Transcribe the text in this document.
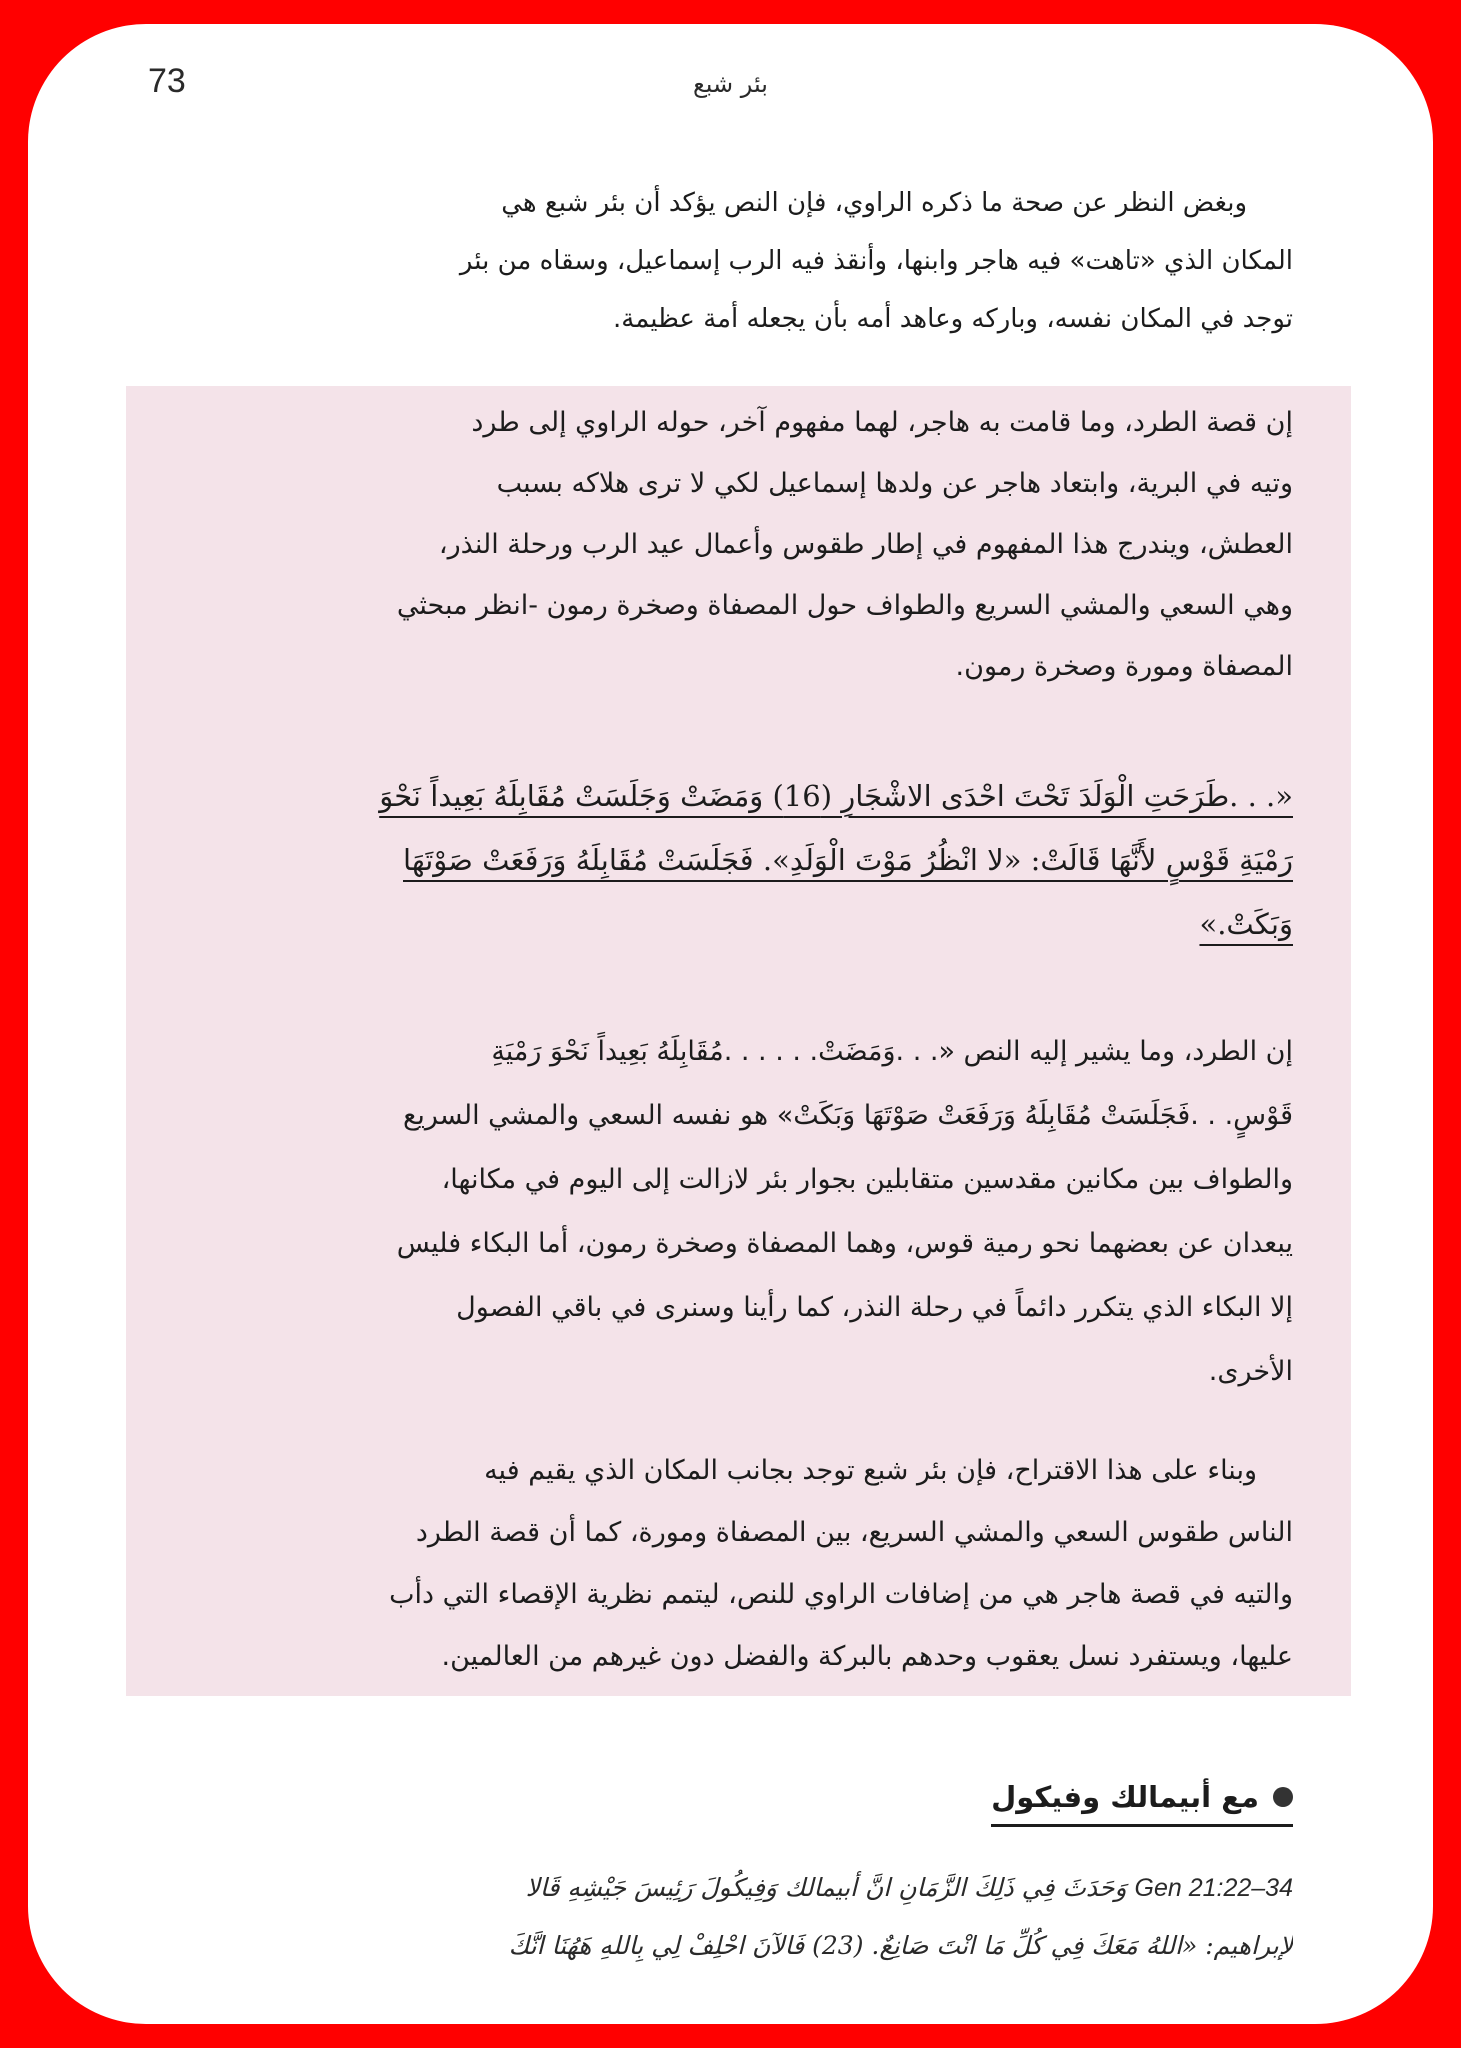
73	بئر شبع
وبغض النظر عن صحة ما ذكره الراوي، فإن النص يؤكد أن بئر شبع هي
المكان الذي «تاهت» فيه هاجر وابنها، وأنقذ فيه الرب إسماعيل، وسقاه من بئر
توجد في المكان نفسه، وباركه وعاهد أمه بأن يجعله أمة عظيمة.
إن قصة الطرد، وما قامت به هاجر، لهما مفهوم آخر، حوله الراوي إلى طرد
وتيه في البرية، وابتعاد هاجر عن ولدها إسماعيل لكي لا ترى هلاكه بسبب
العطش، ويندرج هذا المفهوم في إطار طقوس وأعمال عيد الرب ورحلة النذر،
وهي السعي والمشي السريع والطواف حول المصفاة وصخرة رمون -انظر مبحثي
المصفاة ومورة وصخرة رمون.
«. . .طَرَحَتِ الْوَلَدَ تَحْتَ احْدَى الاشْجَارِ (16) وَمَضَتْ وَجَلَسَتْ مُقَابِلَهُ بَعِيداً نَحْوَ
رَمْيَةِ قَوْسٍ لأَنَّهَا قَالَتْ: «لا انْظُرُ مَوْتَ الْوَلَدِ». فَجَلَسَتْ مُقَابِلَهُ وَرَفَعَتْ صَوْتَهَا
وَبَكَتْ.»
إن الطرد، وما يشير إليه النص «. . .وَمَضَتْ. . . . . .مُقَابِلَهُ بَعِيداً نَحْوَ رَمْيَةِ
قَوْسٍ. . .فَجَلَسَتْ مُقَابِلَهُ وَرَفَعَتْ صَوْتَهَا وَبَكَتْ» هو نفسه السعي والمشي السريع
والطواف بين مكانين مقدسين متقابلين بجوار بئر لازالت إلى اليوم في مكانها،
يبعدان عن بعضهما نحو رمية قوس، وهما المصفاة وصخرة رمون، أما البكاء فليس
إلا البكاء الذي يتكرر دائماً في رحلة النذر، كما رأينا وسنرى في باقي الفصول
الأخرى.
وبناء على هذا الاقتراح، فإن بئر شبع توجد بجانب المكان الذي يقيم فيه
الناس طقوس السعي والمشي السريع، بين المصفاة ومورة، كما أن قصة الطرد
والتيه في قصة هاجر هي من إضافات الراوي للنص، ليتمم نظرية الإقصاء التي دأب
عليها، ويستفرد نسل يعقوب وحدهم بالبركة والفضل دون غيرهم من العالمين.
مع أبيمالك وفيكول
Gen 21:22–34 وَحَدَثَ فِي ذَلِكَ الزَّمَانِ انَّ أبيمالك وَفِيكُولَ رَئِيسَ جَيْشِهِ قَالا
لإبراهيم: «اللهُ مَعَكَ فِي كُلِّ مَا انْتَ صَانِعٌ. (23) فَالآنَ احْلِفْ لِي بِاللهِ هَهُنَا انَّكَ
